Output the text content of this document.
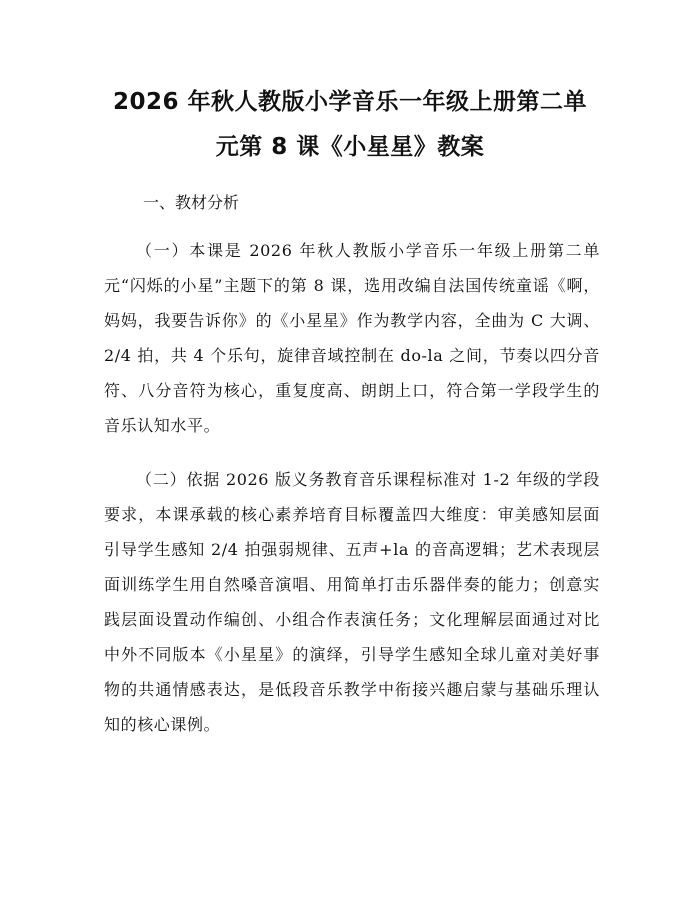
2026 年秋人教版小学音乐一年级上册第二单
元第 8 课《小星星》教案
一、教材分析

（一）本课是 2026 年秋人教版小学音乐一年级上册第二单元“闪烁的小星”主题下的第 8 课，选用改编自法国传统童谣《啊，妈妈，我要告诉你》的《小星星》作为教学内容，全曲为 C 大调、2/4 拍，共 4 个乐句，旋律音域控制在 do-la 之间，节奏以四分音符、八分音符为核心，重复度高、朗朗上口，符合第一学段学生的音乐认知水平。

（二）依据 2026 版义务教育音乐课程标准对 1-2 年级的学段要求，本课承载的核心素养培育目标覆盖四大维度：审美感知层面引导学生感知 2/4 拍强弱规律、五声+la 的音高逻辑；艺术表现层面训练学生用自然嗓音演唱、用简单打击乐器伴奏的能力；创意实践层面设置动作编创、小组合作表演任务；文化理解层面通过对比中外不同版本《小星星》的演绎，引导学生感知全球儿童对美好事物的共通情感表达，是低段音乐教学中衔接兴趣启蒙与基础乐理认知的核心课例。
